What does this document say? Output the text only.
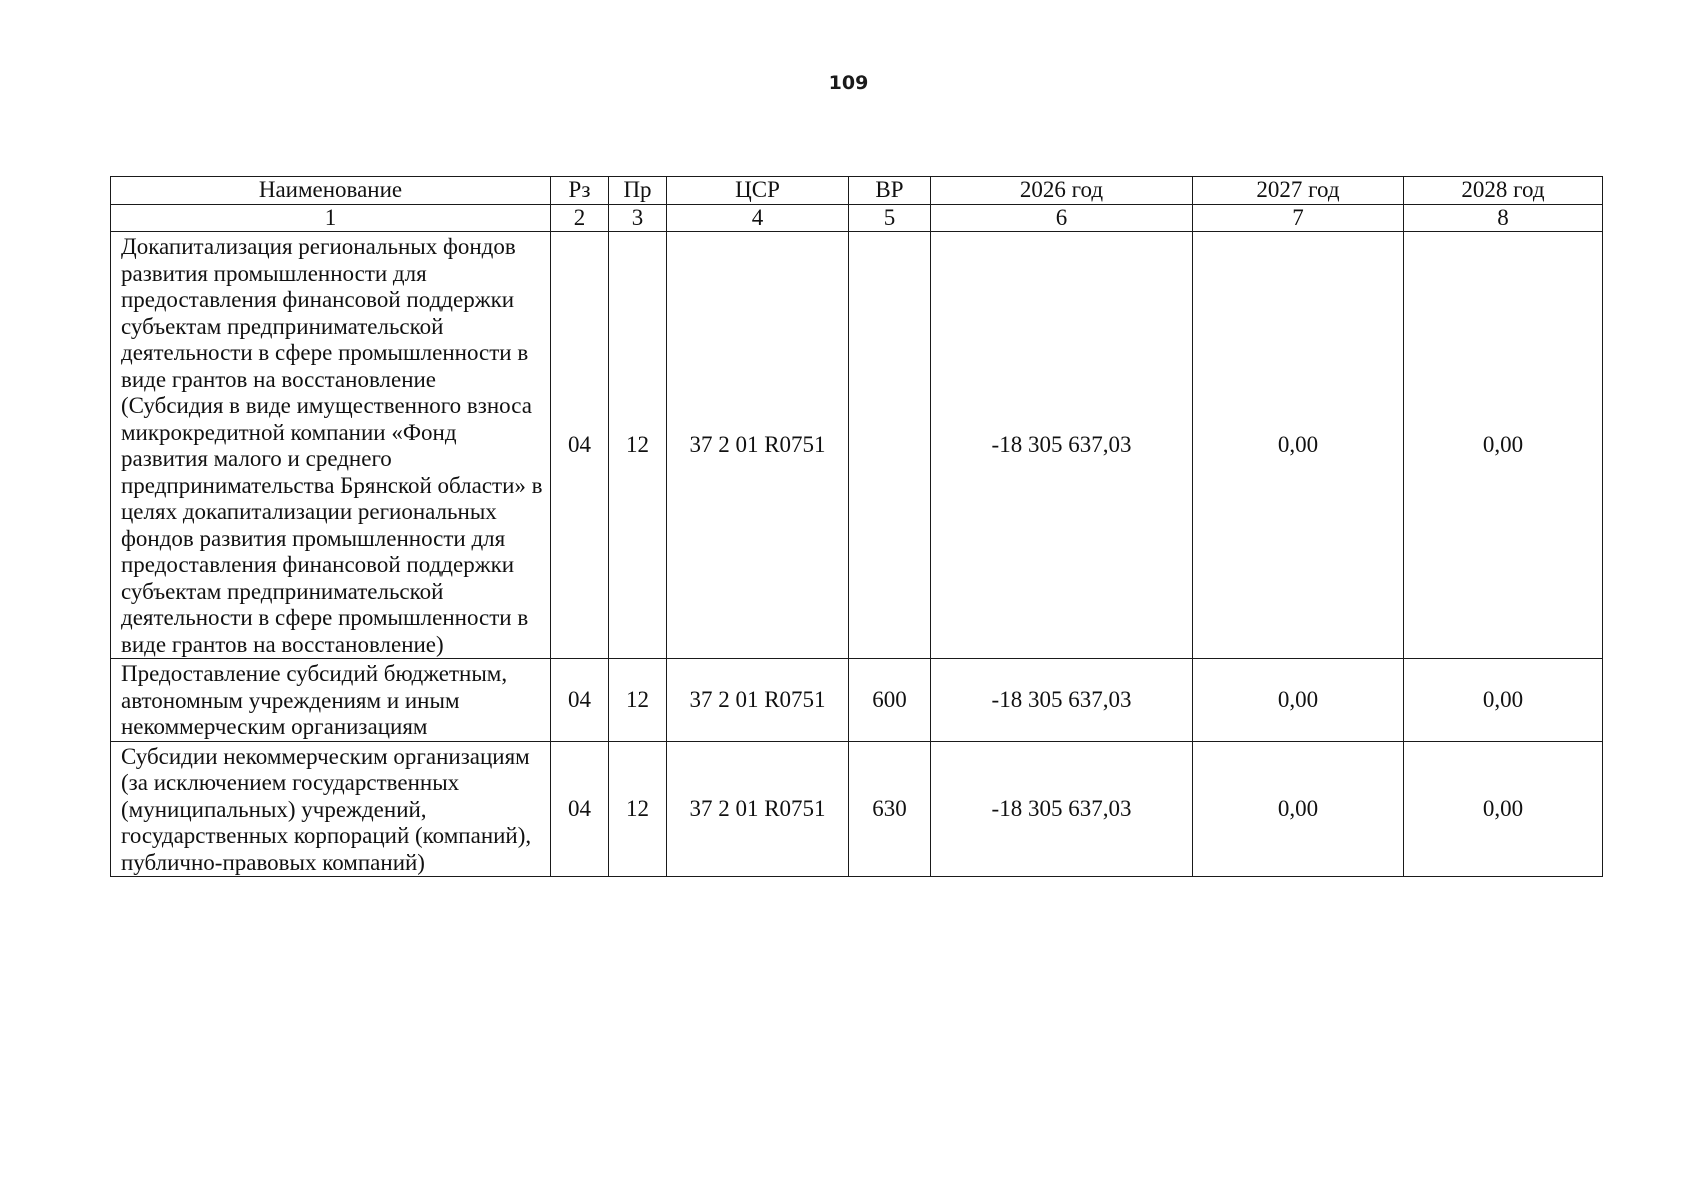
109
Наименование	Рз	Пр	ЦСР	ВР	2026 год	2027 год	2028 год
1	2	3	4	5	6	7	8
Докапитализация региональных фондов развития промышленности для предоставления финансовой поддержки субъектам предпринимательской деятельности в сфере промышленности в виде грантов на восстановление (Субсидия в виде имущественного взноса микрокредитной компании «Фонд развития малого и среднего предпринимательства Брянской области» в целях докапитализации региональных фондов развития промышленности для предоставления финансовой поддержки субъектам предпринимательской деятельности в сфере промышленности в виде грантов на восстановление)	04	12	37 2 01 R0751		-18 305 637,03	0,00	0,00
Предоставление субсидий бюджетным, автономным учреждениям и иным некоммерческим организациям	04	12	37 2 01 R0751	600	-18 305 637,03	0,00	0,00
Субсидии некоммерческим организациям (за исключением государственных (муниципальных) учреждений, государственных корпораций (компаний), публично-правовых компаний)	04	12	37 2 01 R0751	630	-18 305 637,03	0,00	0,00
